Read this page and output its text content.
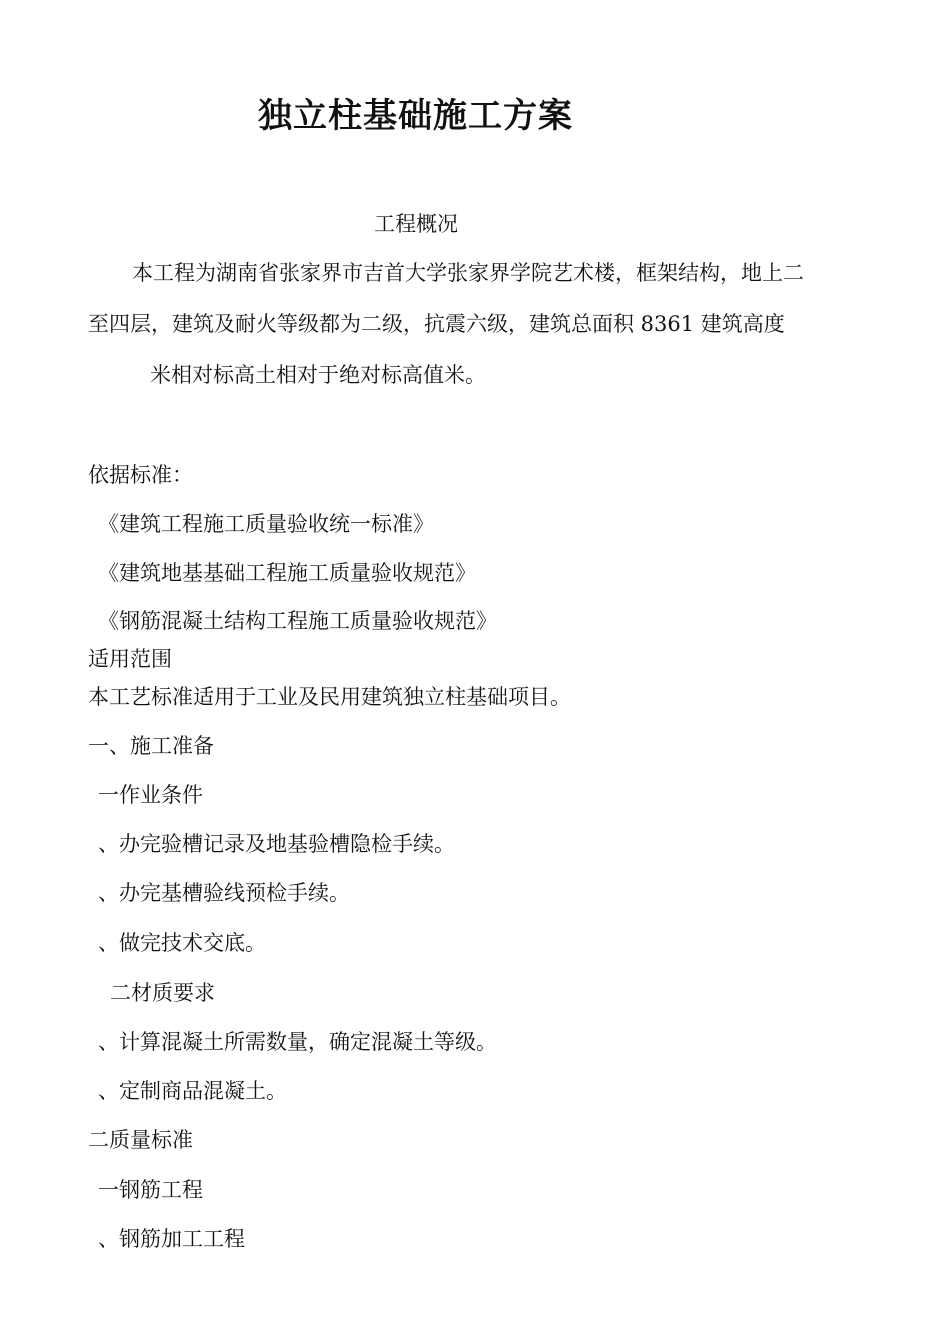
独立柱基础施工方案

工程概况

本工程为湖南省张家界市吉首大学张家界学院艺术楼，框架结构，地上二

至四层，建筑及耐火等级都为二级，抗震六级，建筑总面积 8361 建筑高度

米相对标高土相对于绝对标高值米。

依据标准：

《建筑工程施工质量验收统一标准》

《建筑地基基础工程施工质量验收规范》

《钢筋混凝土结构工程施工质量验收规范》

适用范围

本工艺标准适用于工业及民用建筑独立柱基础项目。

一、施工准备

一作业条件

、办完验槽记录及地基验槽隐检手续。

、办完基槽验线预检手续。

、做完技术交底。

二材质要求

、计算混凝土所需数量，确定混凝土等级。

、定制商品混凝土。

二质量标准

一钢筋工程

、钢筋加工工程
